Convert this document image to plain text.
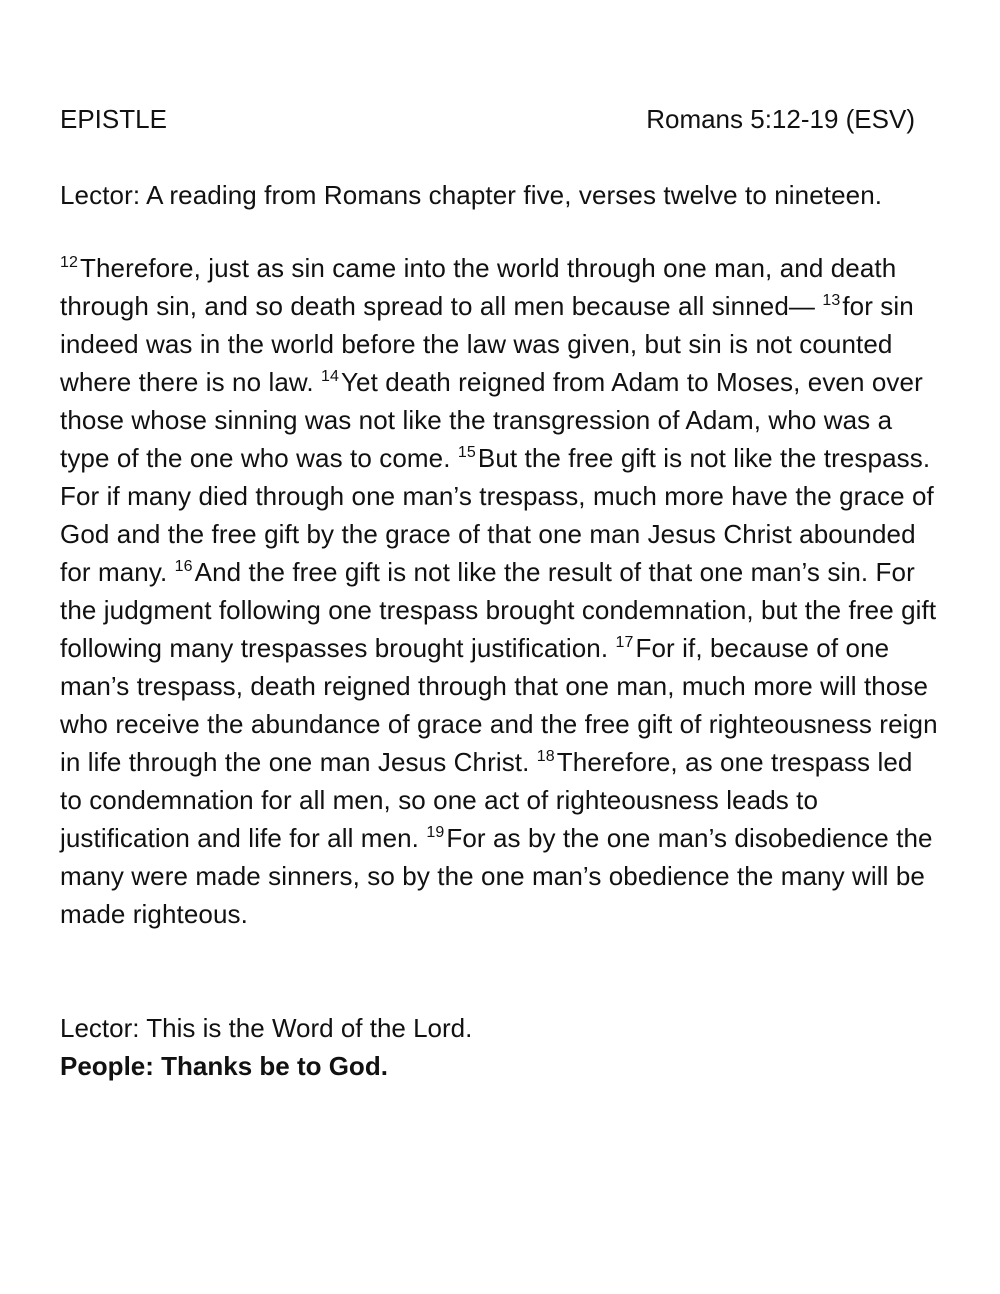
EPISTLE	Romans 5:12-19 (ESV)
Lector: A reading from Romans chapter five, verses twelve to nineteen.
$^{12}$Therefore, just as sin came into the world through one man, and death through sin, and so death spread to all men because all sinned— $^{13}$for sin indeed was in the world before the law was given, but sin is not counted where there is no law. $^{14}$Yet death reigned from Adam to Moses, even over those whose sinning was not like the transgression of Adam, who was a type of the one who was to come. $^{15}$But the free gift is not like the trespass. For if many died through one man’s trespass, much more have the grace of God and the free gift by the grace of that one man Jesus Christ abounded for many. $^{16}$And the free gift is not like the result of that one man’s sin. For the judgment following one trespass brought condemnation, but the free gift following many trespasses brought justification. $^{17}$For if, because of one man’s trespass, death reigned through that one man, much more will those who receive the abundance of grace and the free gift of righteousness reign in life through the one man Jesus Christ. $^{18}$Therefore, as one trespass led to condemnation for all men, so one act of righteousness leads to justification and life for all men. $^{19}$For as by the one man’s disobedience the many were made sinners, so by the one man’s obedience the many will be made righteous.
Lector: This is the Word of the Lord.
People: Thanks be to God.
